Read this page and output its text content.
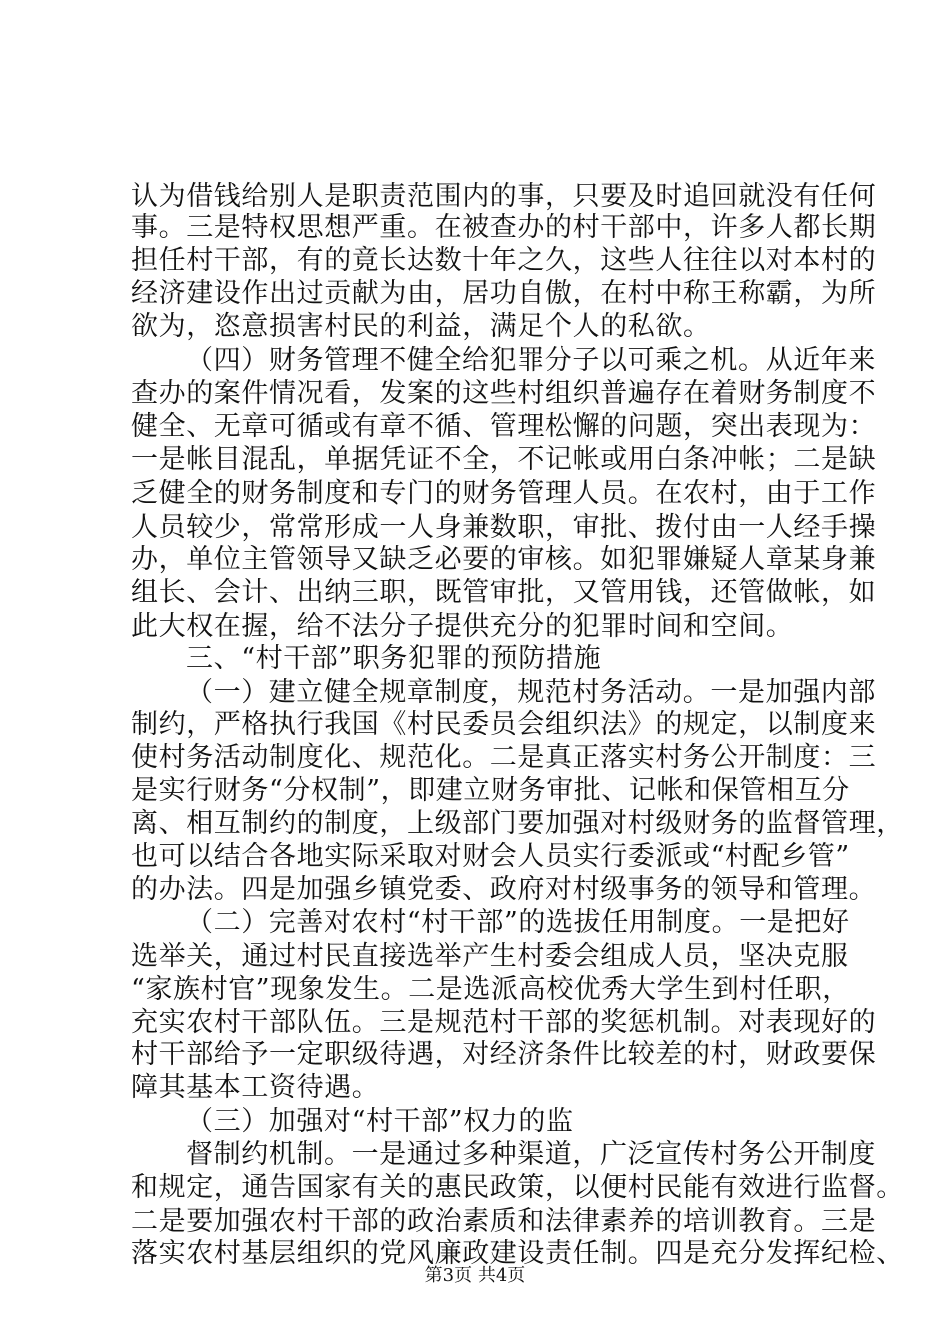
认为借钱给别人是职责范围内的事，只要及时追回就没有任何
事。三是特权思想严重。在被查办的村干部中，许多人都长期
担任村干部，有的竟长达数十年之久，这些人往往以对本村的
经济建设作出过贡献为由，居功自傲，在村中称王称霸，为所
欲为，恣意损害村民的利益，满足个人的私欲。
（四）财务管理不健全给犯罪分子以可乘之机。从近年来
查办的案件情况看，发案的这些村组织普遍存在着财务制度不
健全、无章可循或有章不循、管理松懈的问题，突出表现为：
一是帐目混乱，单据凭证不全，不记帐或用白条冲帐；二是缺
乏健全的财务制度和专门的财务管理人员。在农村，由于工作
人员较少，常常形成一人身兼数职，审批、拨付由一人经手操
办，单位主管领导又缺乏必要的审核。如犯罪嫌疑人章某身兼
组长、会计、出纳三职，既管审批，又管用钱，还管做帐，如
此大权在握，给不法分子提供充分的犯罪时间和空间。
三、“村干部”职务犯罪的预防措施
（一）建立健全规章制度，规范村务活动。一是加强内部
制约，严格执行我国《村民委员会组织法》的规定，以制度来
使村务活动制度化、规范化。二是真正落实村务公开制度：三
是实行财务“分权制”，即建立财务审批、记帐和保管相互分
离、相互制约的制度，上级部门要加强对村级财务的监督管理，
也可以结合各地实际采取对财会人员实行委派或“村配乡管”
的办法。四是加强乡镇党委、政府对村级事务的领导和管理。
（二）完善对农村“村干部”的选拔任用制度。一是把好
选举关，通过村民直接选举产生村委会组成人员，坚决克服
“家族村官”现象发生。二是选派高校优秀大学生到村任职，
充实农村干部队伍。三是规范村干部的奖惩机制。对表现好的
村干部给予一定职级待遇，对经济条件比较差的村，财政要保
障其基本工资待遇。
（三）加强对“村干部”权力的监
督制约机制。一是通过多种渠道，广泛宣传村务公开制度
和规定，通告国家有关的惠民政策，以便村民能有效进行监督。
二是要加强农村干部的政治素质和法律素养的培训教育。三是
落实农村基层组织的党风廉政建设责任制。四是充分发挥纪检、
第3页 共4页
